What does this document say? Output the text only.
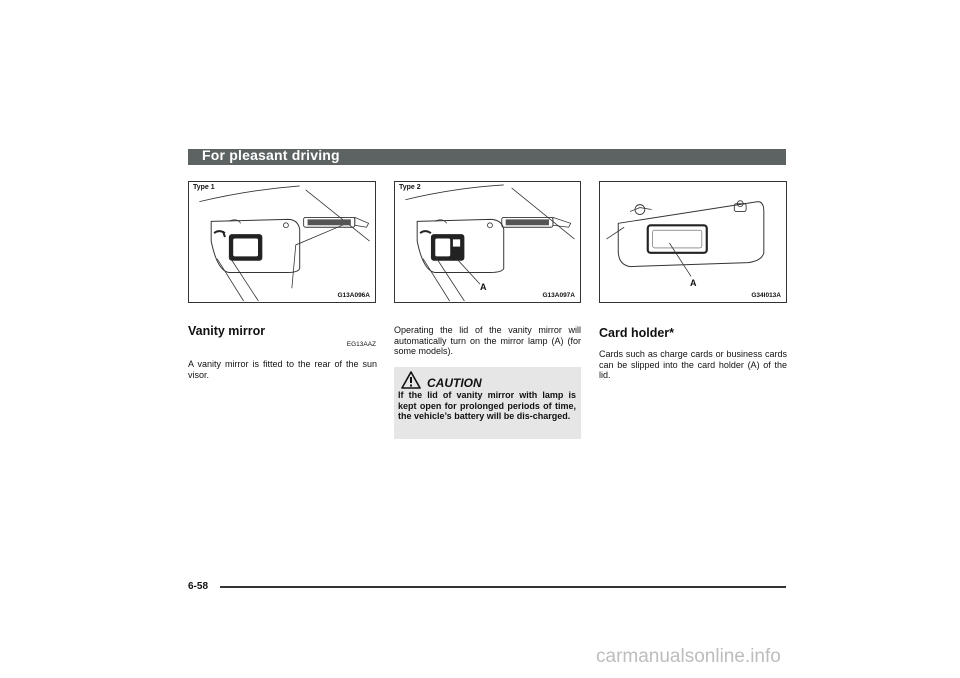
For pleasant driving
Type 1
G13A096A
Type 2
A
G13A097A
A
G34I013A
Vanity mirror
EG13AAZ
A vanity mirror is fitted to the rear of the sun visor.
Operating the lid of the vanity mirror will automatically turn on the mirror lamp (A) (for some models).
CAUTION
If the lid of vanity mirror with lamp is kept open for prolonged periods of time, the vehicle’s battery will be dis-charged.
Card holder*
Cards such as charge cards or business cards can be slipped into the card holder (A) of the lid.
6-58
carmanualsonline.info
